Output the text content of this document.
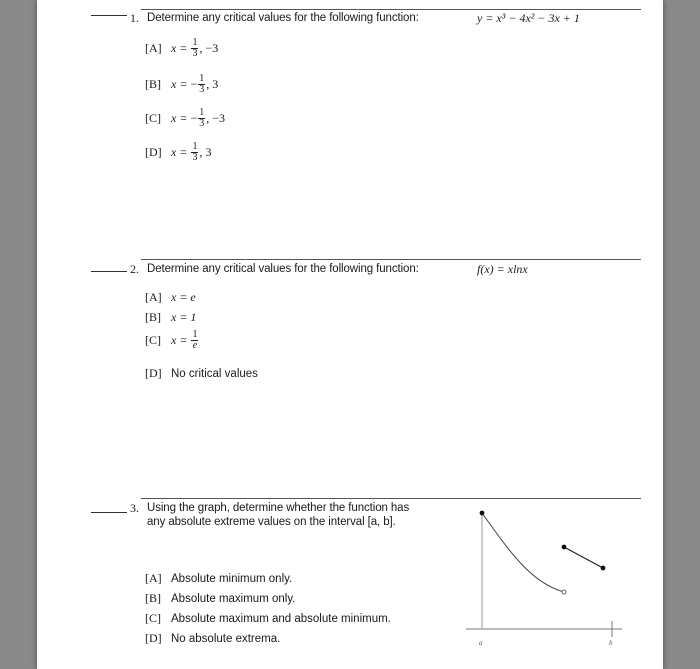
1. Determine any critical values for the following function:	y = x³ − 4x² − 3x + 1
[A] x =
$\frac{1}{3}$ , −3
[B] x =
− $\frac{1}{3}$ , 3
[C] x =
− $\frac{1}{3}$ , −3
[D] x =
$\frac{1}{3}$ , 3
2. Determine any critical values for the following function:	f(x) = xlnx
[A] x = e
[B] x = 1
[C] x =
$\frac{1}{e}$
[D] No critical values
3. Using the graph, determine whether the function has
any absolute extreme values on the interval [a, b].
[A] Absolute minimum only.
[B] Absolute maximum only.
[C] Absolute maximum and absolute minimum.
[D] No absolute extrema.	a	b
